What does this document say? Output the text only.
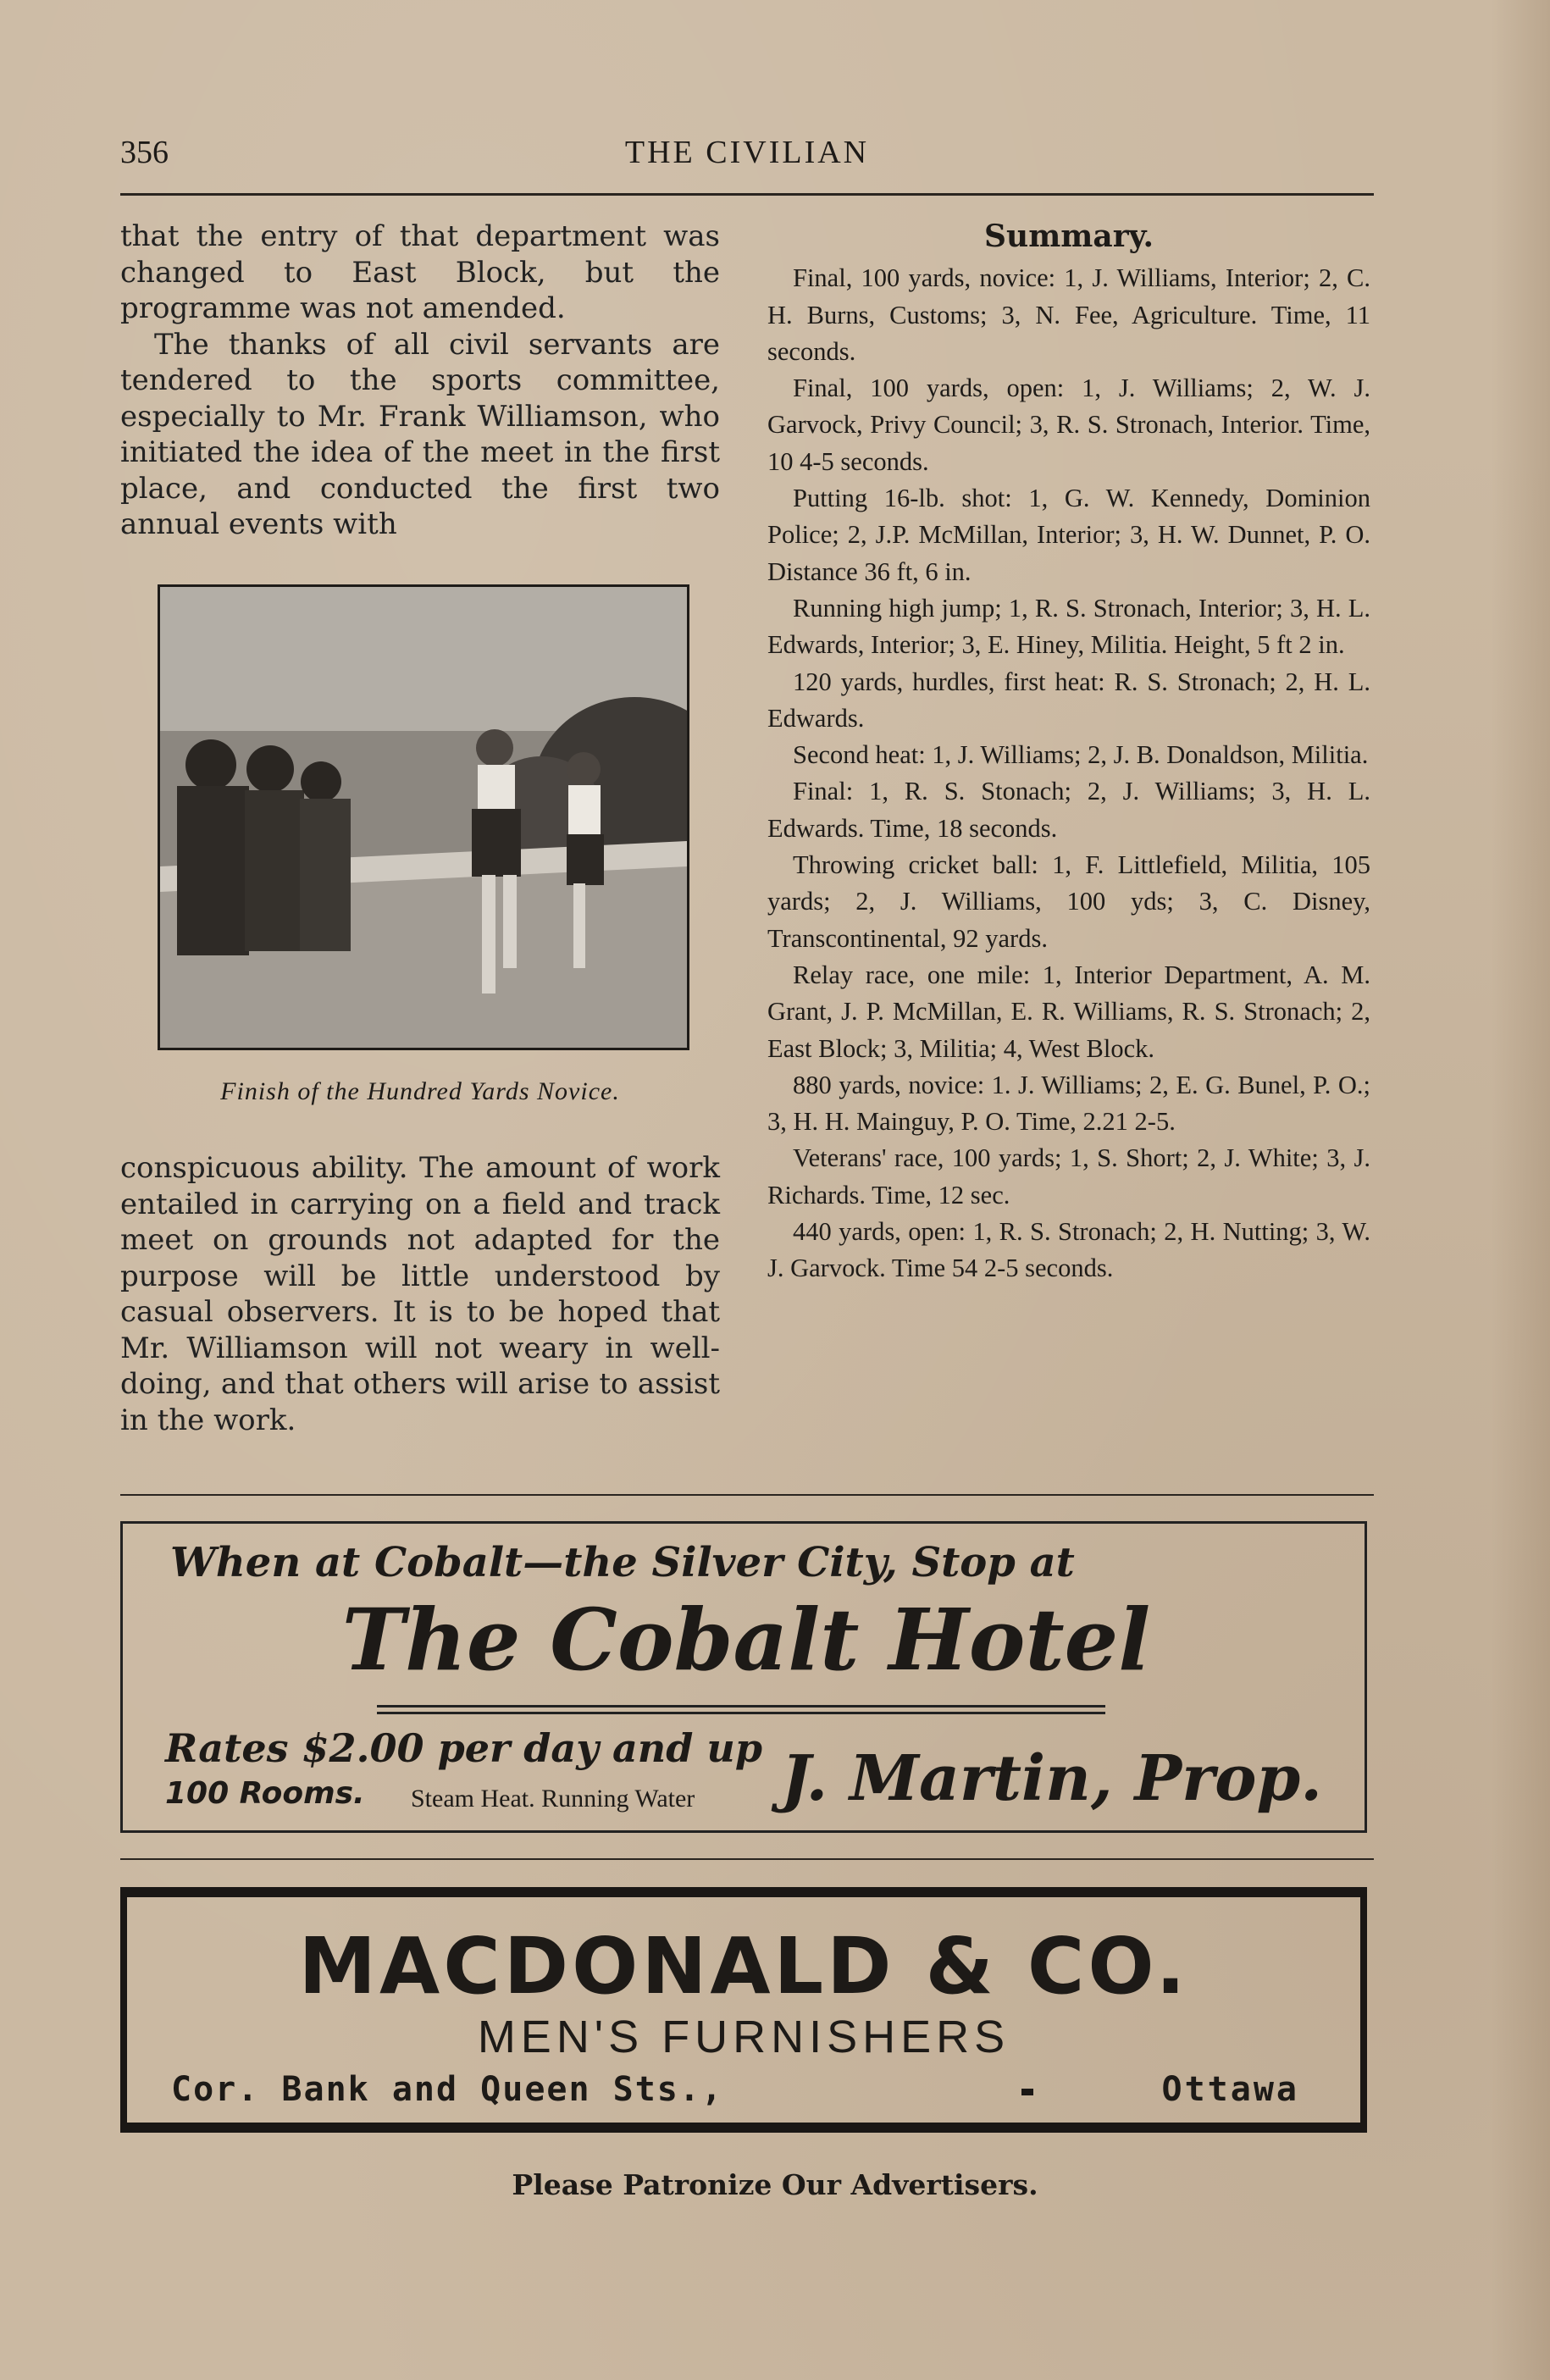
356	THE CIVILIAN

that the entry of that department was changed to East Block, but the programme was not amended.

The thanks of all civil servants are tendered to the sports committee, especially to Mr. Frank Williamson, who initiated the idea of the meet in the first place, and conducted the first two annual events with

Finish of the Hundred Yards Novice.

conspicuous ability. The amount of work entailed in carrying on a field and track meet on grounds not adapted for the purpose will be little understood by casual observers. It is to be hoped that Mr. Williamson will not weary in well-doing, and that others will arise to assist in the work.

Summary.

Final, 100 yards, novice: 1, J. Williams, Interior; 2, C. H. Burns, Customs; 3, N. Fee, Agriculture. Time, 11 seconds.

Final, 100 yards, open: 1, J. Williams; 2, W. J. Garvock, Privy Council; 3, R. S. Stronach, Interior. Time, 10 4-5 seconds.

Putting 16-lb. shot: 1, G. W. Kennedy, Dominion Police; 2, J.P. McMillan, Interior; 3, H. W. Dunnet, P. O. Distance 36 ft, 6 in.

Running high jump; 1, R. S. Stronach, Interior; 3, H. L. Edwards, Interior; 3, E. Hiney, Militia. Height, 5 ft 2 in.

120 yards, hurdles, first heat: R. S. Stronach; 2, H. L. Edwards.

Second heat: 1, J. Williams; 2, J. B. Donaldson, Militia.

Final: 1, R. S. Stonach; 2, J. Williams; 3, H. L. Edwards. Time, 18 seconds.

Throwing cricket ball: 1, F. Littlefield, Militia, 105 yards; 2, J. Williams, 100 yds; 3, C. Disney, Transcontinental, 92 yards.

Relay race, one mile: 1, Interior Department, A. M. Grant, J. P. McMillan, E. R. Williams, R. S. Stronach; 2, East Block; 3, Militia; 4, West Block.

880 yards, novice: 1. J. Williams; 2, E. G. Bunel, P. O.; 3, H. H. Mainguy, P. O. Time, 2.21 2-5.

Veterans' race, 100 yards; 1, S. Short; 2, J. White; 3, J. Richards. Time, 12 sec.

440 yards, open: 1, R. S. Stronach; 2, H. Nutting; 3, W. J. Garvock. Time 54 2-5 seconds.

When at Cobalt—the Silver City, Stop at
The Cobalt Hotel
Rates $2.00 per day and up
100 Rooms. Steam Heat. Running Water J. Martin, Prop.
MACDONALD & CO.
MEN'S FURNISHERS
Cor. Bank and Queen Sts.,	Ottawa
Please Patronize Our Advertisers.
